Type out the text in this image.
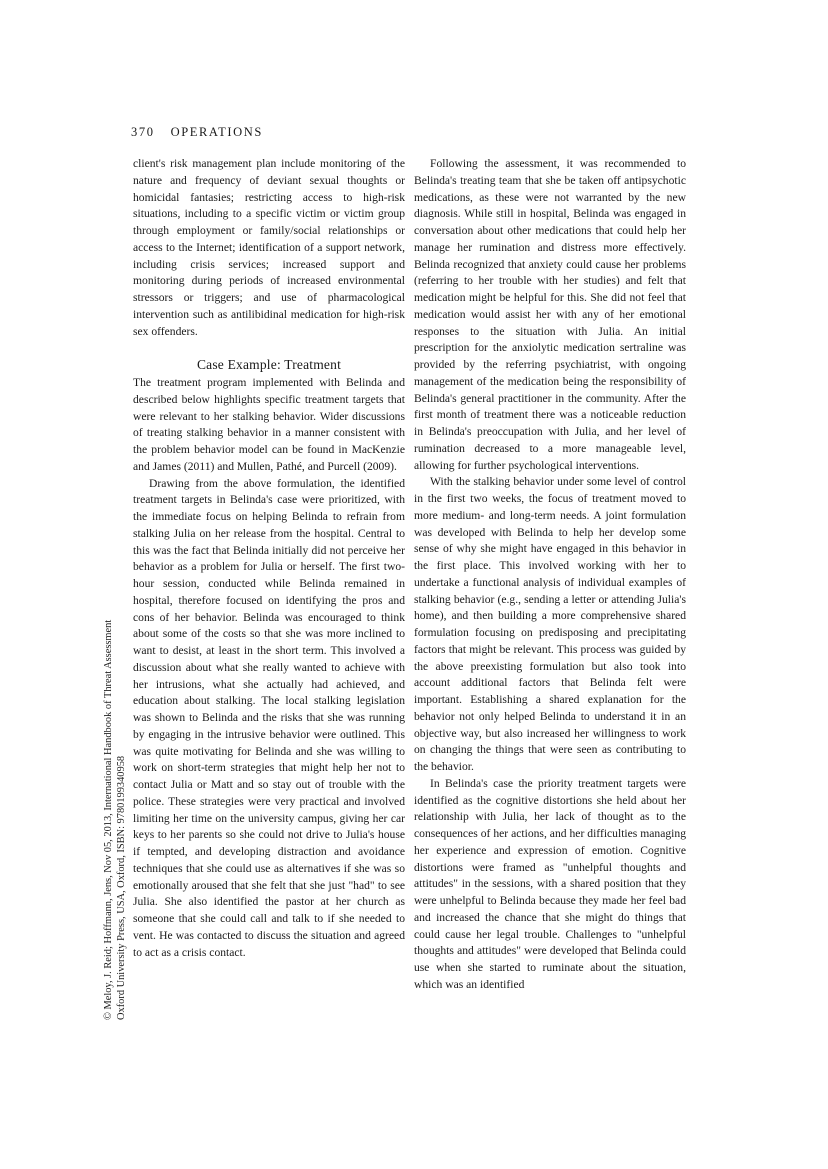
370 OPERATIONS
© Meloy, J. Reid; Hoffmann, Jens, Nov 05, 2013, International Handbook of Threat Assessment Oxford University Press, USA, Oxford, ISBN: 9780199340958

client's risk management plan include monitoring of the nature and frequency of deviant sexual thoughts or homicidal fantasies; restricting access to high-risk situations, including to a specific victim or victim group through employment or family/social relationships or access to the Internet; identification of a support network, including crisis services; increased support and monitoring during periods of increased environmental stressors or triggers; and use of pharmacological intervention such as antilibidinal medication for high-risk sex offenders.

Case Example: Treatment

The treatment program implemented with Belinda and described below highlights specific treatment targets that were relevant to her stalking behavior. Wider discussions of treating stalking behavior in a manner consistent with the problem behavior model can be found in MacKenzie and James (2011) and Mullen, Pathé, and Purcell (2009).

Drawing from the above formulation, the identified treatment targets in Belinda's case were prioritized, with the immediate focus on helping Belinda to refrain from stalking Julia on her release from the hospital. Central to this was the fact that Belinda initially did not perceive her behavior as a problem for Julia or herself. The first two-hour session, conducted while Belinda remained in hospital, therefore focused on identifying the pros and cons of her behavior. Belinda was encouraged to think about some of the costs so that she was more inclined to want to desist, at least in the short term. This involved a discussion about what she really wanted to achieve with her intrusions, what she actually had achieved, and education about stalking. The local stalking legislation was shown to Belinda and the risks that she was running by engaging in the intrusive behavior were outlined. This was quite motivating for Belinda and she was willing to work on short-term strategies that might help her not to contact Julia or Matt and so stay out of trouble with the police. These strategies were very practical and involved limiting her time on the university campus, giving her car keys to her parents so she could not drive to Julia's house if tempted, and developing distraction and avoidance techniques that she could use as alternatives if she was so emotionally aroused that she felt that she just "had" to see Julia. She also identified the pastor at her church as someone that she could call and talk to if she needed to vent. He was contacted to discuss the situation and agreed to act as a crisis contact.

Following the assessment, it was recommended to Belinda's treating team that she be taken off antipsychotic medications, as these were not warranted by the new diagnosis. While still in hospital, Belinda was engaged in conversation about other medications that could help her manage her rumination and distress more effectively. Belinda recognized that anxiety could cause her problems (referring to her trouble with her studies) and felt that medication might be helpful for this. She did not feel that medication would assist her with any of her emotional responses to the situation with Julia. An initial prescription for the anxiolytic medication sertraline was provided by the referring psychiatrist, with ongoing management of the medication being the responsibility of Belinda's general practitioner in the community. After the first month of treatment there was a noticeable reduction in Belinda's preoccupation with Julia, and her level of rumination decreased to a more manageable level, allowing for further psychological interventions.

With the stalking behavior under some level of control in the first two weeks, the focus of treatment moved to more medium- and long-term needs. A joint formulation was developed with Belinda to help her develop some sense of why she might have engaged in this behavior in the first place. This involved working with her to undertake a functional analysis of individual examples of stalking behavior (e.g., sending a letter or attending Julia's home), and then building a more comprehensive shared formulation focusing on predisposing and precipitating factors that might be relevant. This process was guided by the above preexisting formulation but also took into account additional factors that Belinda felt were important. Establishing a shared explanation for the behavior not only helped Belinda to understand it in an objective way, but also increased her willingness to work on changing the things that were seen as contributing to the behavior.

In Belinda's case the priority treatment targets were identified as the cognitive distortions she held about her relationship with Julia, her lack of thought as to the consequences of her actions, and her difficulties managing her experience and expression of emotion. Cognitive distortions were framed as "unhelpful thoughts and attitudes" in the sessions, with a shared position that they were unhelpful to Belinda because they made her feel bad and increased the chance that she might do things that could cause her legal trouble. Challenges to "unhelpful thoughts and attitudes" were developed that Belinda could use when she started to ruminate about the situation, which was an identified
